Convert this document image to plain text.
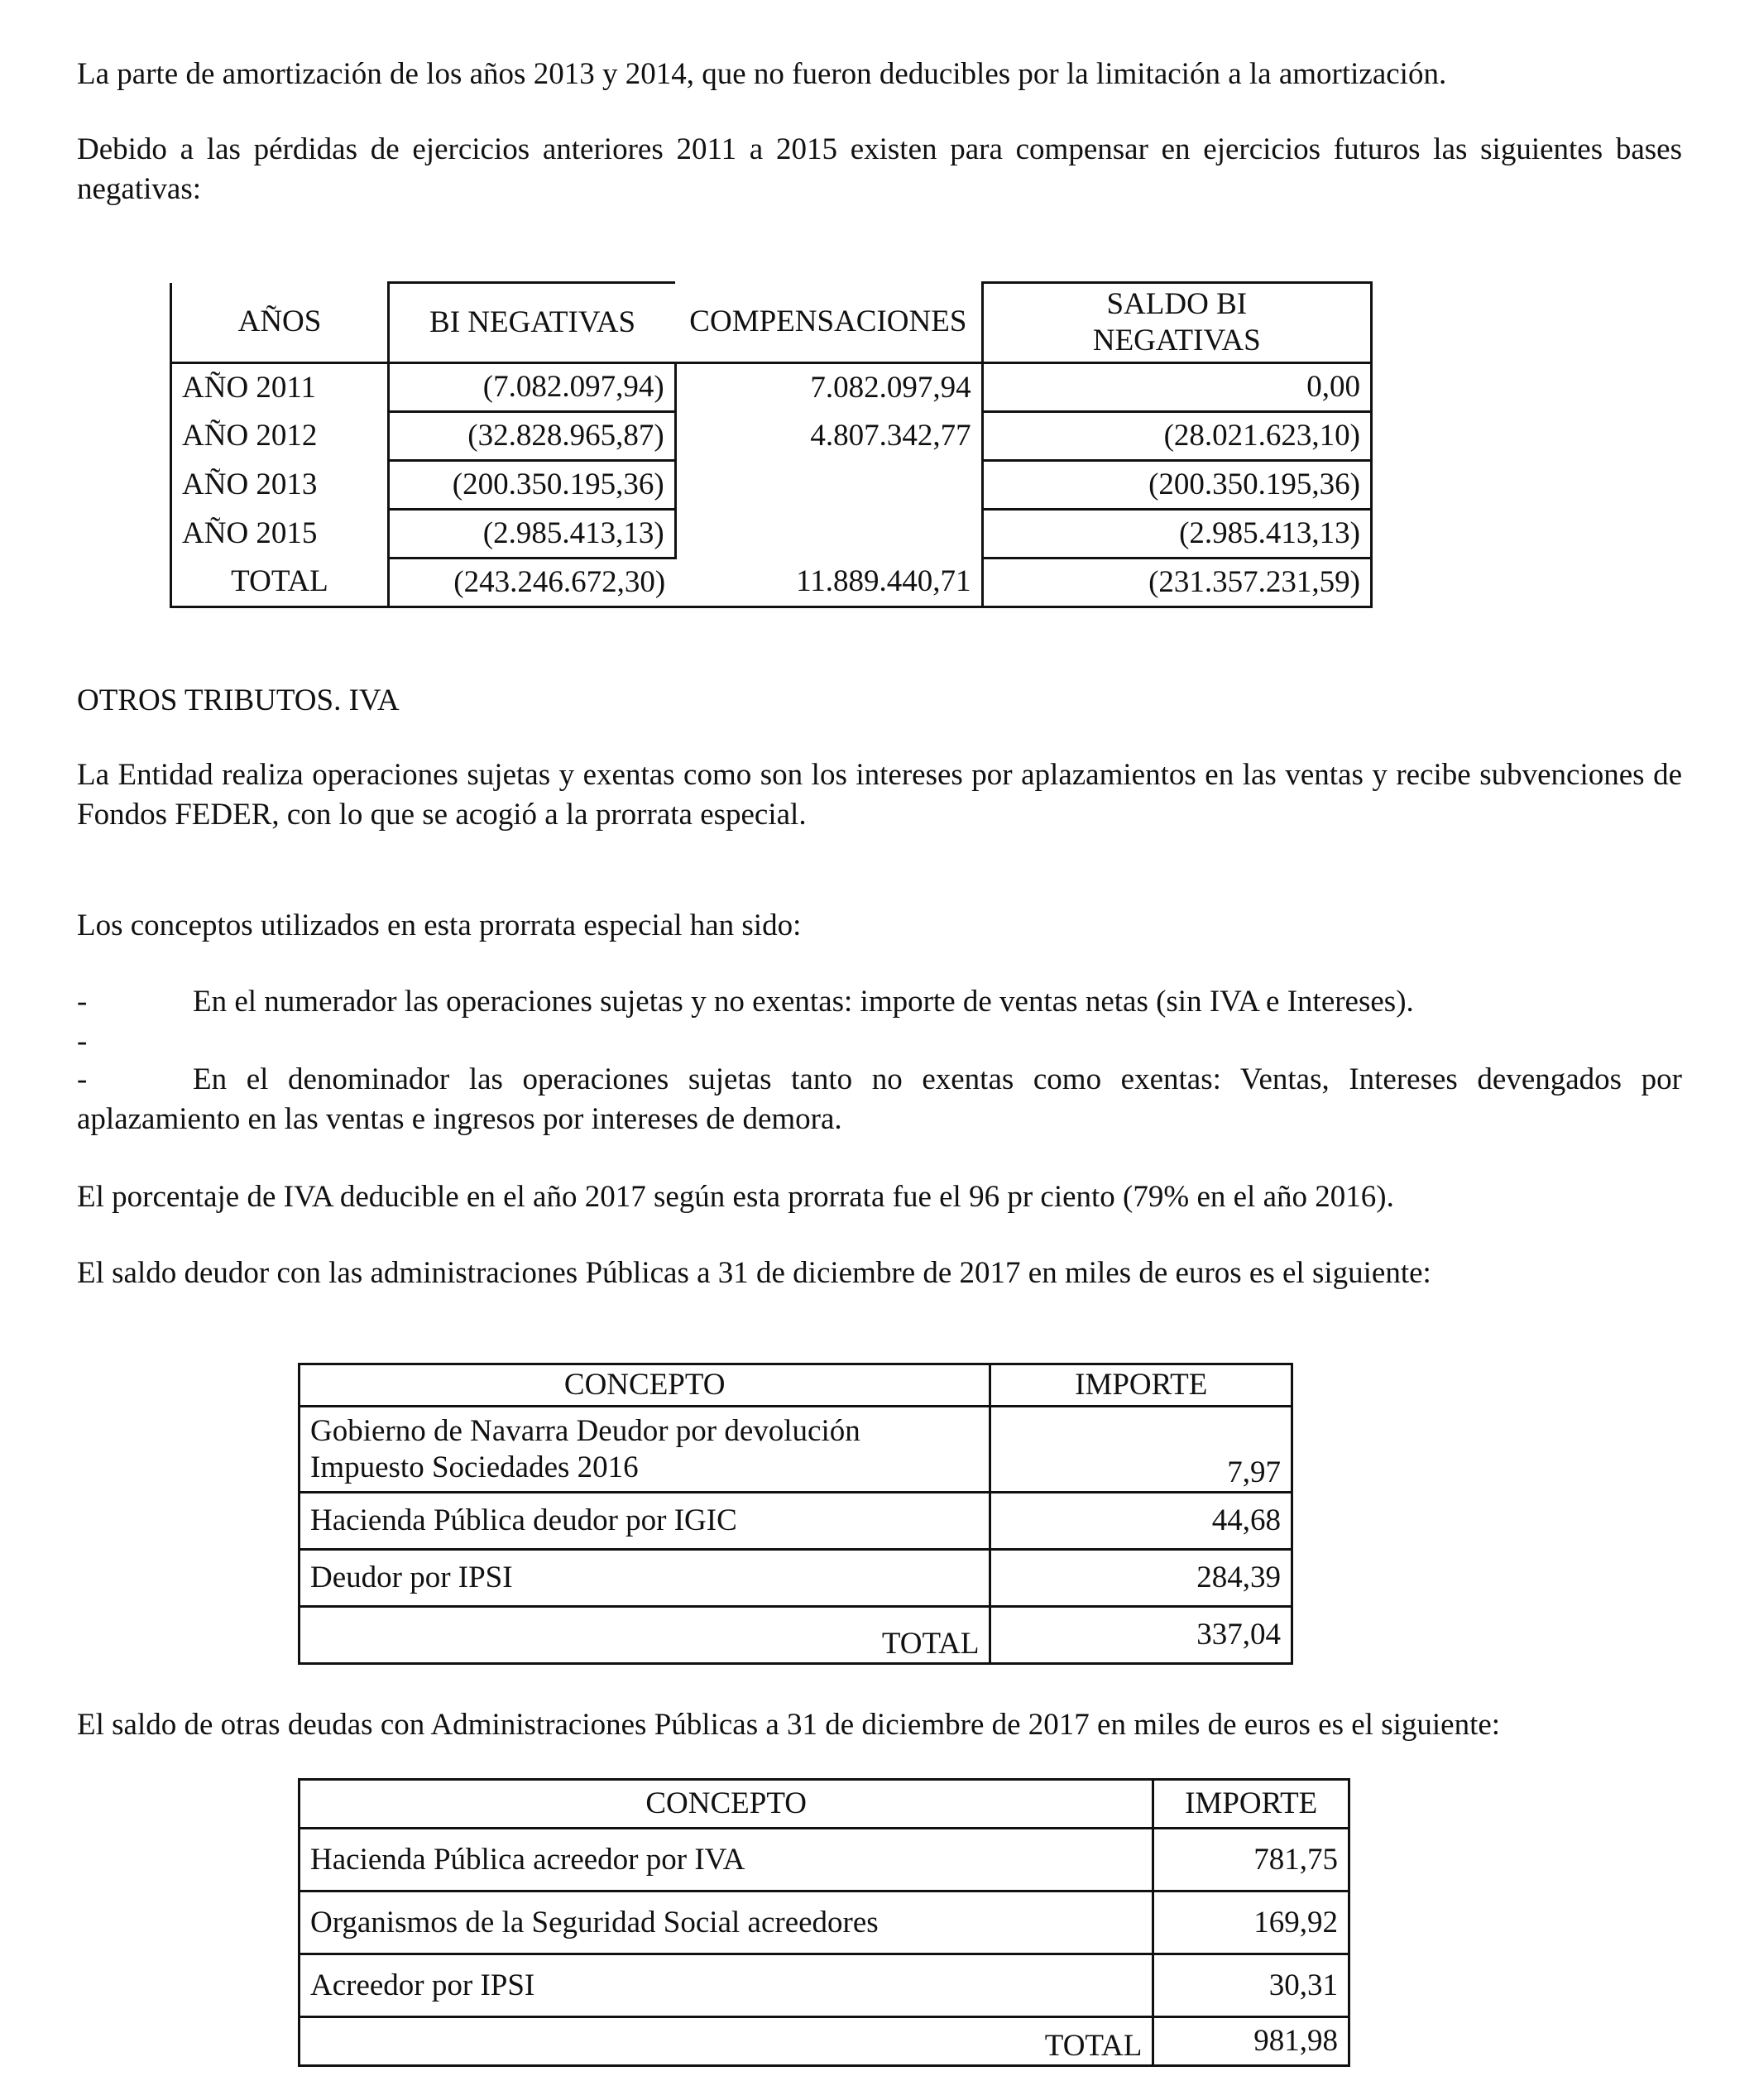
La parte de amortización de los años 2013 y 2014, que no fueron deducibles por la limitación a la amortización.

Debido a las pérdidas de ejercicios anteriores 2011 a 2015 existen para compensar en ejercicios futuros las siguientes bases negativas:

AÑOS	BI NEGATIVAS	COMPENSACIONES	SALDO BI NEGATIVAS
AÑO 2011	(7.082.097,94)	7.082.097,94	0,00
AÑO 2012	(32.828.965,87)	4.807.342,77	(28.021.623,10)
AÑO 2013	(200.350.195,36)		(200.350.195,36)
AÑO 2015	(2.985.413,13)		(2.985.413,13)
TOTAL	(243.246.672,30)	11.889.440,71	(231.357.231,59)

OTROS TRIBUTOS. IVA

La Entidad realiza operaciones sujetas y exentas como son los intereses por aplazamientos en las ventas y recibe subvenciones de Fondos FEDER, con lo que se acogió a la prorrata especial.

Los conceptos utilizados en esta prorrata especial han sido:

-	En el numerador las operaciones sujetas y no exentas: importe de ventas netas (sin IVA e Intereses).
-
-	En el denominador las operaciones sujetas tanto no exentas como exentas: Ventas, Intereses devengados por aplazamiento en las ventas e ingresos por intereses de demora.

El porcentaje de IVA deducible en el año 2017 según esta prorrata fue el 96 pr ciento (79% en el año 2016).

El saldo deudor con las administraciones Públicas a 31 de diciembre de 2017 en miles de euros es el siguiente:

CONCEPTO	IMPORTE

Gobierno de Navarra Deudor por devolución
Impuesto Sociedades 2016	7,97
Hacienda Pública deudor por IGIC	44,68
Deudor por IPSI	284,39
TOTAL	337,04

El saldo de otras deudas con Administraciones Públicas a 31 de diciembre de 2017 en miles de euros es el siguiente:

CONCEPTO	IMPORTE
Hacienda Pública acreedor por IVA	781,75
Organismos de la Seguridad Social acreedores	169,92
Acreedor por IPSI	30,31
TOTAL	981,98
